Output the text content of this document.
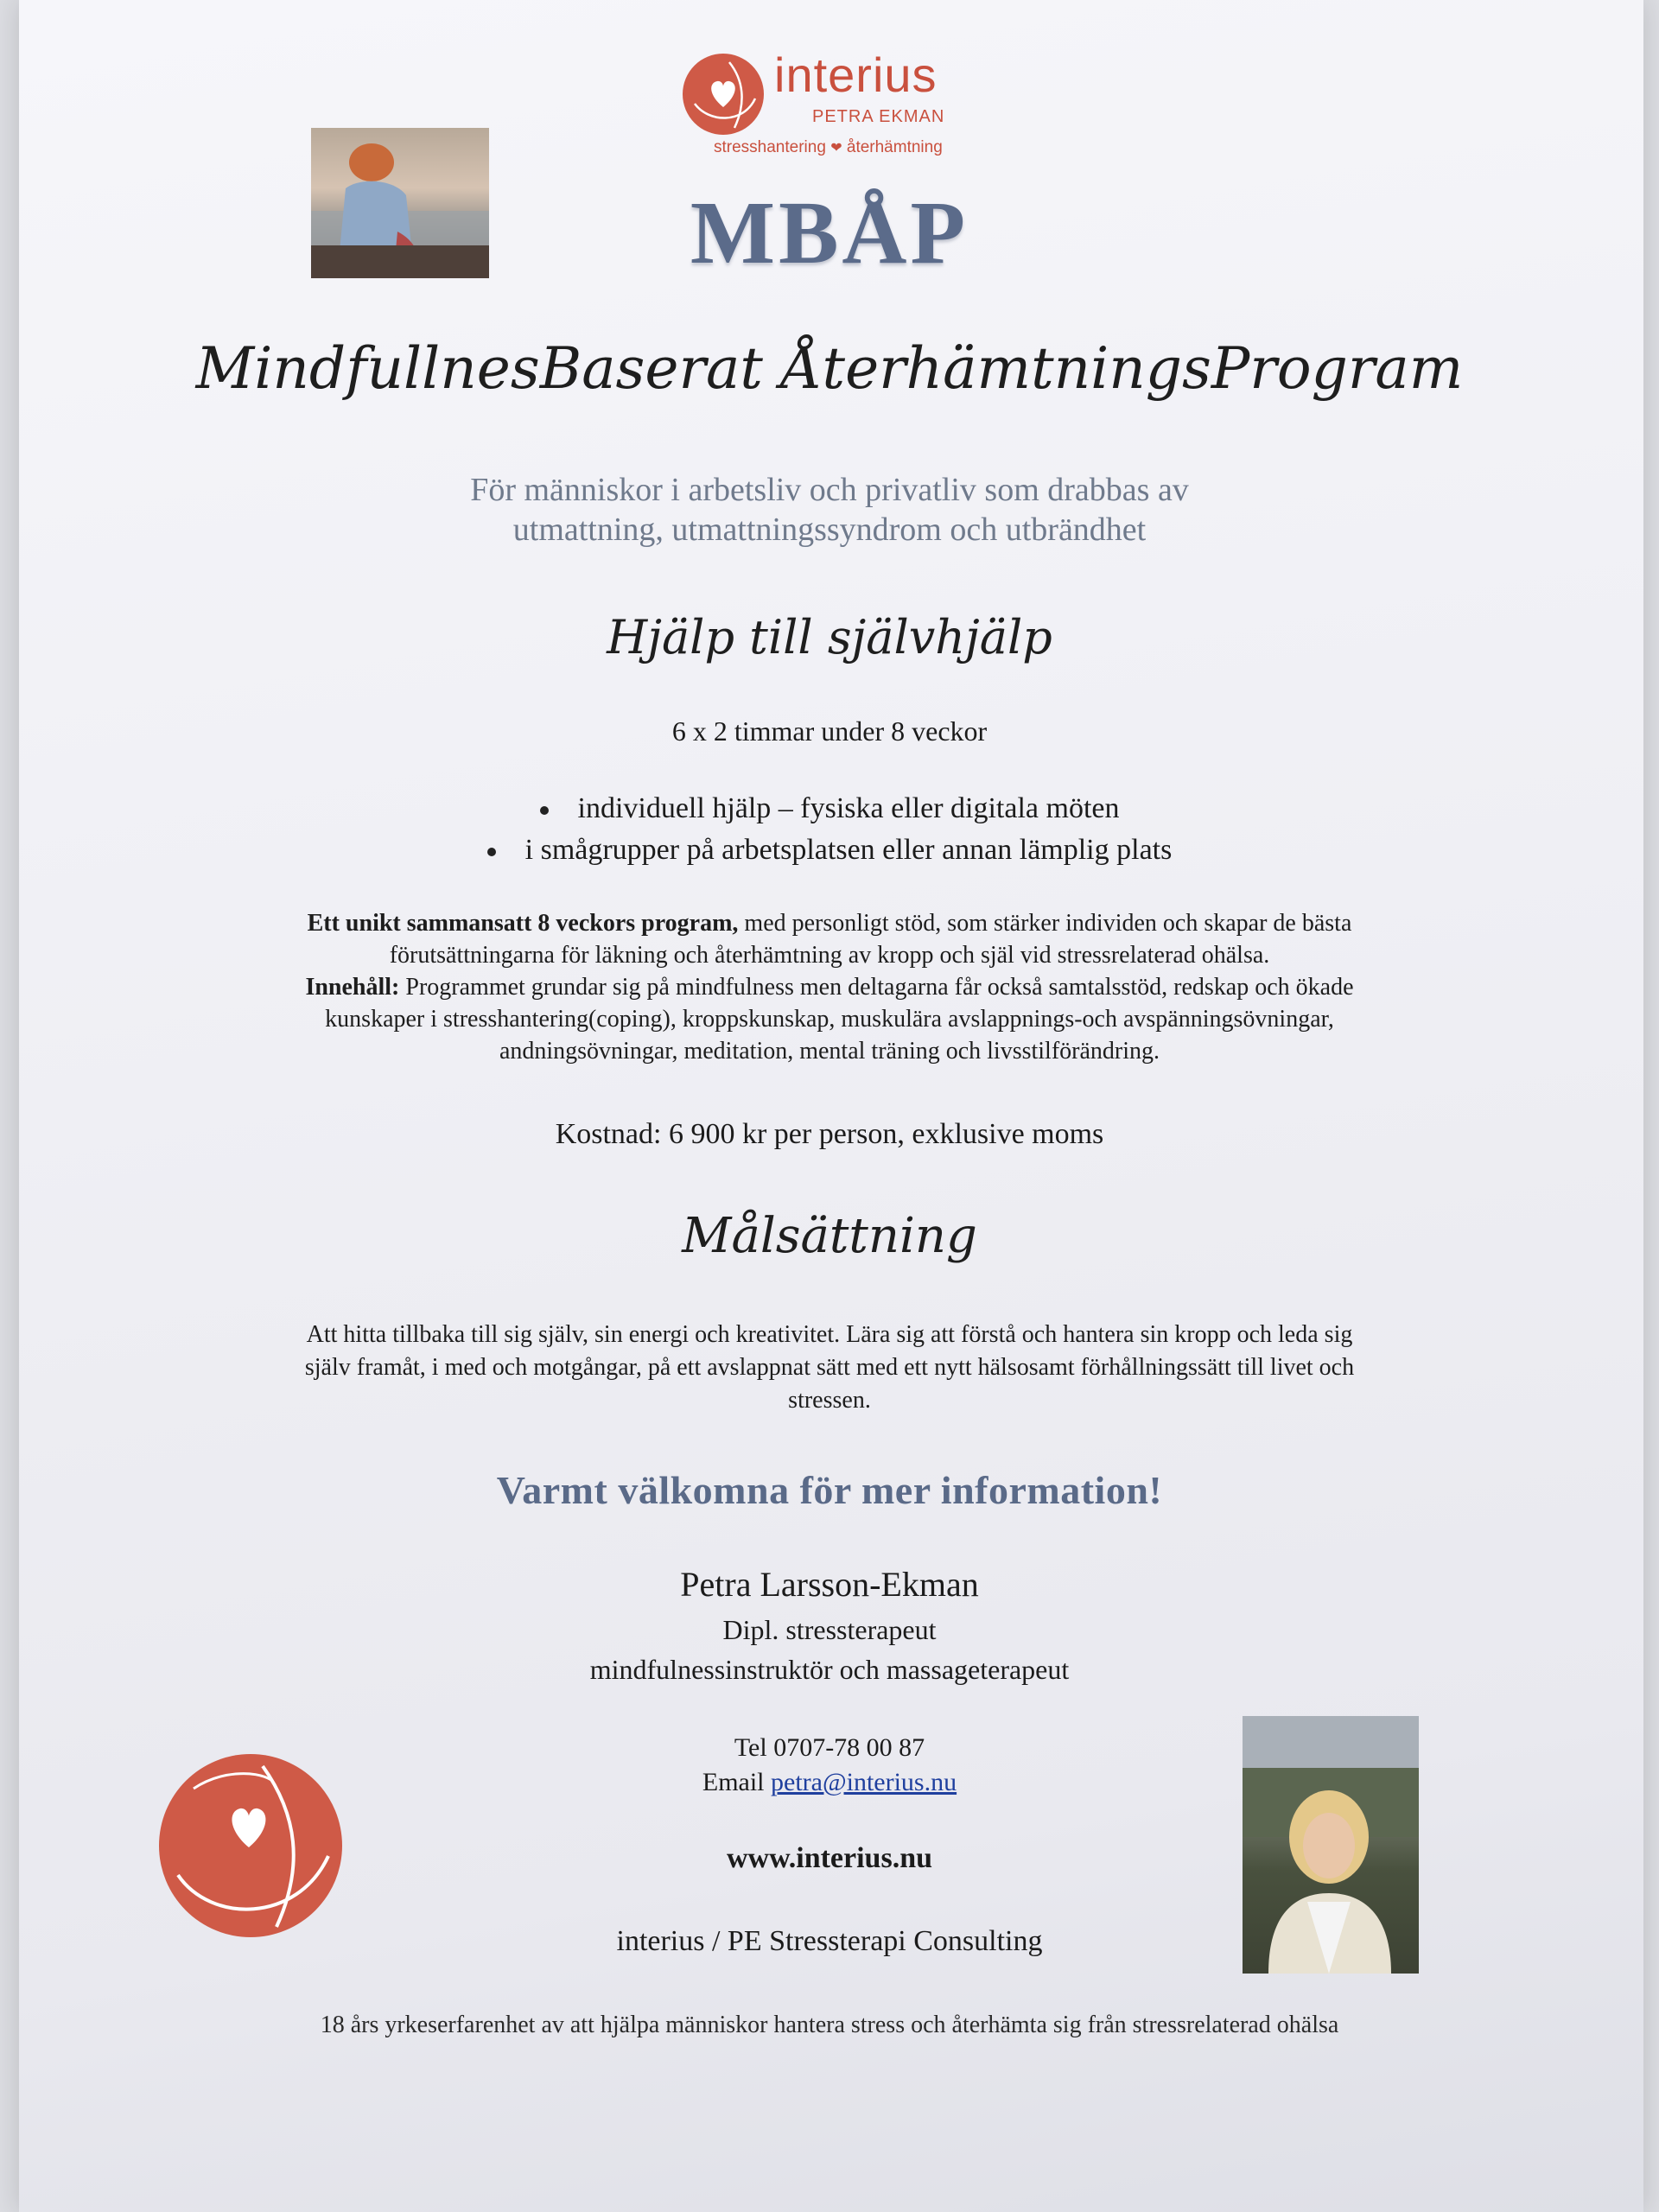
interius
PETRA EKMAN
stresshantering ❤ återhämtning
MBÅP
MindfullnesBaserat ÅterhämtningsProgram
För människor i arbetsliv och privatliv som drabbas av
utmattning, utmattningssyndrom och utbrändhet
Hjälp till självhjälp
6 x 2 timmar under 8 veckor
individuell hjälp – fysiska eller digitala möten
i smågrupper på arbetsplatsen eller annan lämplig plats
Ett unikt sammansatt 8 veckors program, med personligt stöd, som stärker individen och skapar de bästa
förutsättningarna för läkning och återhämtning av kropp och själ vid stressrelaterad ohälsa.
Innehåll: Programmet grundar sig på mindfulness men deltagarna får också samtalsstöd, redskap och ökade
kunskaper i stresshantering(coping), kroppskunskap, muskulära avslappnings-och avspänningsövningar,
andningsövningar, meditation, mental träning och livsstilförändring.
Kostnad: 6 900 kr per person, exklusive moms
Målsättning
Att hitta tillbaka till sig själv, sin energi och kreativitet. Lära sig att förstå och hantera sin kropp och leda sig
själv framåt, i med och motgångar, på ett avslappnat sätt med ett nytt hälsosamt förhållningssätt till livet och
stressen.
Varmt välkomna för mer information!
Petra Larsson-Ekman
Dipl. stressterapeut
mindfulnessinstruktör och massageterapeut
Tel 0707-78 00 87
Email petra@interius.nu
www.interius.nu
interius / PE Stressterapi Consulting
18 års yrkeserfarenhet av att hjälpa människor hantera stress och återhämta sig från stressrelaterad ohälsa
